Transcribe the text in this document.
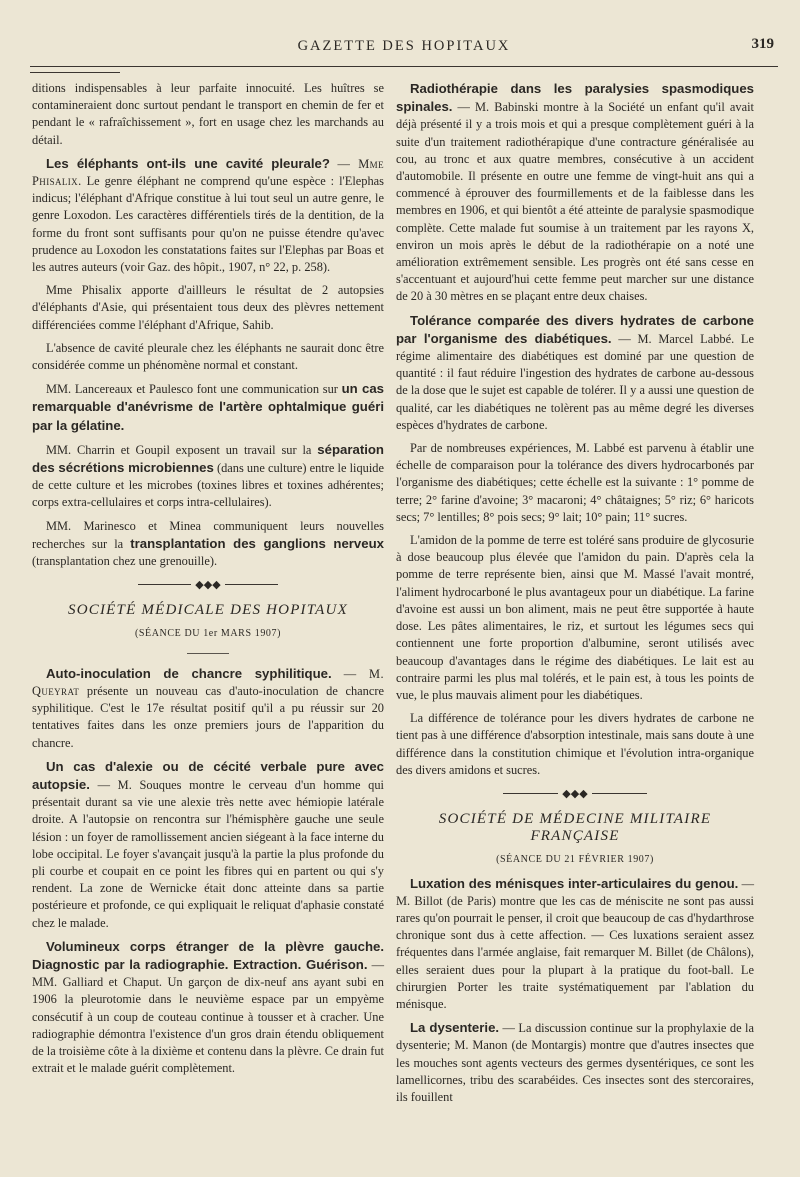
GAZETTE DES HOPITAUX	319

ditions indispensables à leur parfaite innocuité. Les huîtres se contamineraient donc surtout pendant le transport en chemin de fer et pendant le « rafraîchissement », fort en usage chez les marchands au détail.

Les éléphants ont-ils une cavité pleurale? — Mme Phisalix. Le genre éléphant ne comprend qu'une espèce : l'Elephas indicus; l'éléphant d'Afrique constitue à lui tout seul un autre genre, le genre Loxodon. Les caractères différentiels tirés de la dentition, de la forme du front sont suffisants pour qu'on ne puisse étendre qu'avec prudence au Loxodon les constatations faites sur l'Elephas par Boas et les autres auteurs (voir Gaz. des hôpit., 1907, n° 22, p. 258).

Mme Phisalix apporte d'aillleurs le résultat de 2 autopsies d'éléphants d'Asie, qui présentaient tous deux des plèvres nettement différenciées comme l'éléphant d'Afrique, Sahib.

L'absence de cavité pleurale chez les éléphants ne saurait donc être considérée comme un phénomène normal et constant.

MM. Lancereaux et Paulesco font une communication sur un cas remarquable d'anévrisme de l'artère ophtalmique guéri par la gélatine.

MM. Charrin et Goupil exposent un travail sur la séparation des sécrétions microbiennes (dans une culture) entre le liquide de cette culture et les microbes (toxines libres et toxines adhérentes; corps extra-cellulaires et corps intra-cellulaires).

MM. Marinesco et Minea communiquent leurs nouvelles recherches sur la transplantation des ganglions nerveux (transplantation chez une grenouille).

◆◆◆

SOCIÉTÉ MÉDICALE DES HOPITAUX

(SÉANCE DU 1er MARS 1907)

Auto-inoculation de chancre syphilitique. — M. Queyrat présente un nouveau cas d'auto-inoculation de chancre syphilitique. C'est le 17e résultat positif qu'il a pu réussir sur 20 tentatives faites dans les onze premiers jours de l'apparition du chancre.

Un cas d'alexie ou de cécité verbale pure avec autopsie. — M. Souques montre le cerveau d'un homme qui présentait durant sa vie une alexie très nette avec hémiopie latérale droite. A l'autopsie on rencontra sur l'hémisphère gauche une seule lésion : un foyer de ramollissement ancien siégeant à la face interne du lobe occipital. Le foyer s'avançait jusqu'à la partie la plus profonde du pli courbe et coupait en ce point les fibres qui en partent ou qui s'y rendent. La zone de Wernicke était donc atteinte dans sa partie postérieure et profonde, ce qui expliquait le reliquat d'aphasie constaté chez le malade.

Volumineux corps étranger de la plèvre gauche. Diagnostic par la radiographie. Extraction. Guérison. — MM. Galliard et Chaput. Un garçon de dix-neuf ans ayant subi en 1906 la pleurotomie dans le neuvième espace par un empyème consécutif à un coup de couteau continue à tousser et à cracher. Une radiographie démontra l'existence d'un gros drain étendu obliquement de la troisième côte à la dixième et contenu dans la plèvre. Ce drain fut extrait et le malade guérit complètement.

Radiothérapie dans les paralysies spasmodiques spinales. — M. Babinski montre à la Société un enfant qu'il avait déjà présenté il y a trois mois et qui a presque complètement guéri à la suite d'un traitement radiothérapique d'une contracture généralisée au cou, au tronc et aux quatre membres, consécutive à un accident d'automobile. Il présente en outre une femme de vingt-huit ans qui a commencé à éprouver des fourmillements et de la faiblesse dans les membres en 1906, et qui bientôt a été atteinte de paralysie spasmodique complète. Cette malade fut soumise à un traitement par les rayons X, environ un mois après le début de la radiothérapie on a noté une amélioration extrêmement sensible. Les progrès ont été sans cesse en s'accentuant et aujourd'hui cette femme peut marcher sur une distance de 20 à 30 mètres en se plaçant entre deux chaises.

Tolérance comparée des divers hydrates de carbone par l'organisme des diabétiques. — M. Marcel Labbé. Le régime alimentaire des diabétiques est dominé par une question de quantité : il faut réduire l'ingestion des hydrates de carbone au-dessous de la dose que le sujet est capable de tolérer. Il y a aussi une question de qualité, car les diabétiques ne tolèrent pas au même degré les diverses espèces d'hydrates de carbone.

Par de nombreuses expériences, M. Labbé est parvenu à établir une échelle de comparaison pour la tolérance des divers hydrocarbonés par l'organisme des diabétiques; cette échelle est la suivante : 1° pomme de terre; 2° farine d'avoine; 3° macaroni; 4° châtaignes; 5° riz; 6° haricots secs; 7° lentilles; 8° pois secs; 9° lait; 10° pain; 11° sucres.

L'amidon de la pomme de terre est toléré sans produire de glycosurie à dose beaucoup plus élevée que l'amidon du pain. D'après cela la pomme de terre représente bien, ainsi que M. Massé l'avait montré, l'aliment hydrocarboné le plus avantageux pour un diabétique. La farine d'avoine est aussi un bon aliment, mais ne peut être supportée à haute dose. Les pâtes alimentaires, le riz, et surtout les légumes secs qui contiennent une forte proportion d'albumine, seront utilisés avec beaucoup d'avantages dans le régime des diabétiques. Le lait est au contraire parmi les plus mal tolérés, et le pain est, à tous les points de vue, le plus mauvais aliment pour les diabétiques.

La différence de tolérance pour les divers hydrates de carbone ne tient pas à une différence d'absorption intestinale, mais sans doute à une différence dans la constitution chimique et l'évolution intra-organique des divers amidons et sucres.

◆◆◆

SOCIÉTÉ DE MÉDECINE MILITAIRE FRANÇAISE

(SÉANCE DU 21 FÉVRIER 1907)

Luxation des ménisques inter-articulaires du genou. — M. Billot (de Paris) montre que les cas de méniscite ne sont pas aussi rares qu'on pourrait le penser, il croit que beaucoup de cas d'hydarthrose chronique sont dus à cette affection. — Ces luxations seraient assez fréquentes dans l'armée anglaise, fait remarquer M. Billet (de Châlons), elles seraient dues pour la plupart à la pratique du foot-ball. Le chirurgien Porter les traite systématiquement par l'ablation du ménisque.

La dysenterie. — La discussion continue sur la prophylaxie de la dysenterie; M. Manon (de Montargis) montre que d'autres insectes que les mouches sont agents vecteurs des germes dysentériques, ce sont les lamellicornes, tribu des scarabéides. Ces insectes sont des stercoraires, ils fouillent
